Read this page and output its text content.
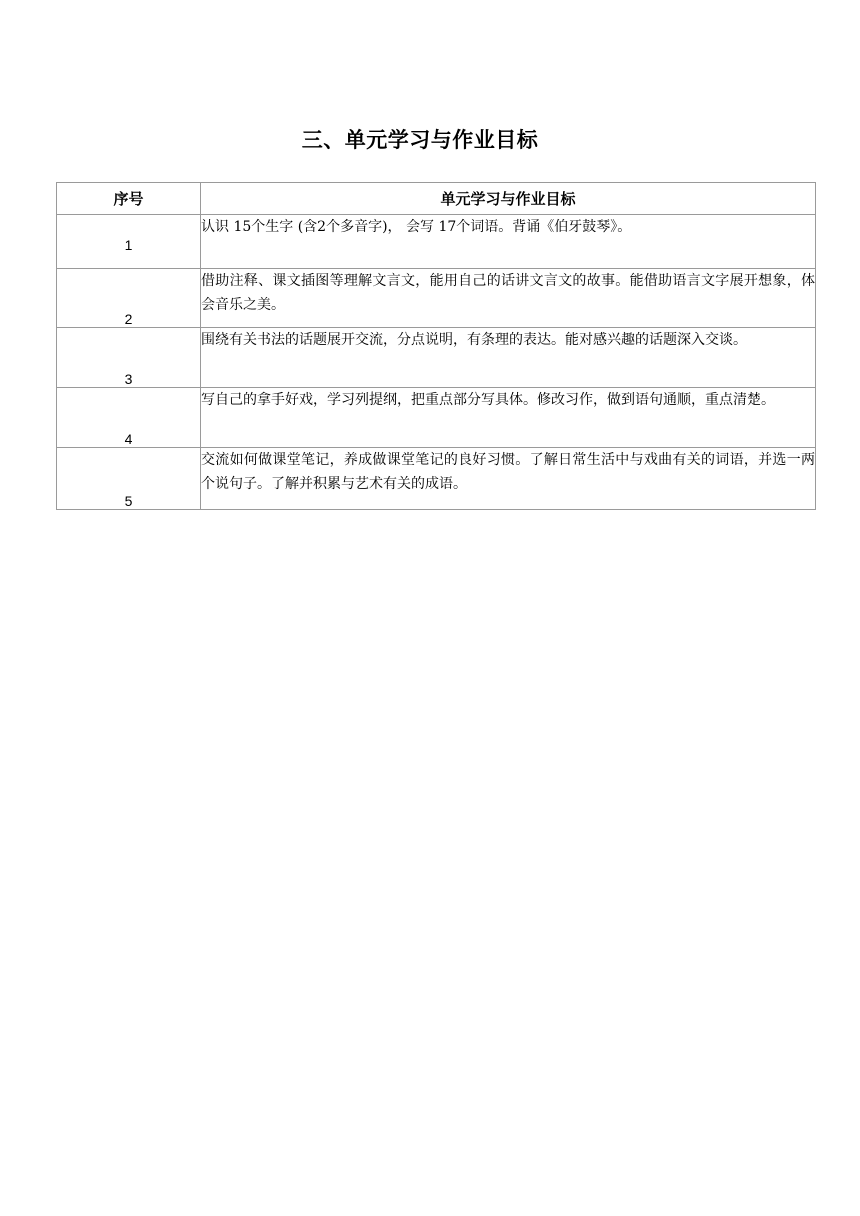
三、单元学习与作业目标
序号	单元学习与作业目标
1	认识 15个生字 (含2个多音字)， 会写 17个词语。背诵《伯牙鼓琴》。
2	借助注释、课文插图等理解文言文，能用自己的话讲文言文的故事。能借助语言文字展开想象，体会音乐之美。
3	围绕有关书法的话题展开交流，分点说明，有条理的表达。能对感兴趣的话题深入交谈。
4	写自己的拿手好戏，学习列提纲，把重点部分写具体。修改习作，做到语句通顺，重点清楚。
5	交流如何做课堂笔记，养成做课堂笔记的良好习惯。了解日常生活中与戏曲有关的词语，并选一两个说句子。了解并积累与艺术有关的成语。
